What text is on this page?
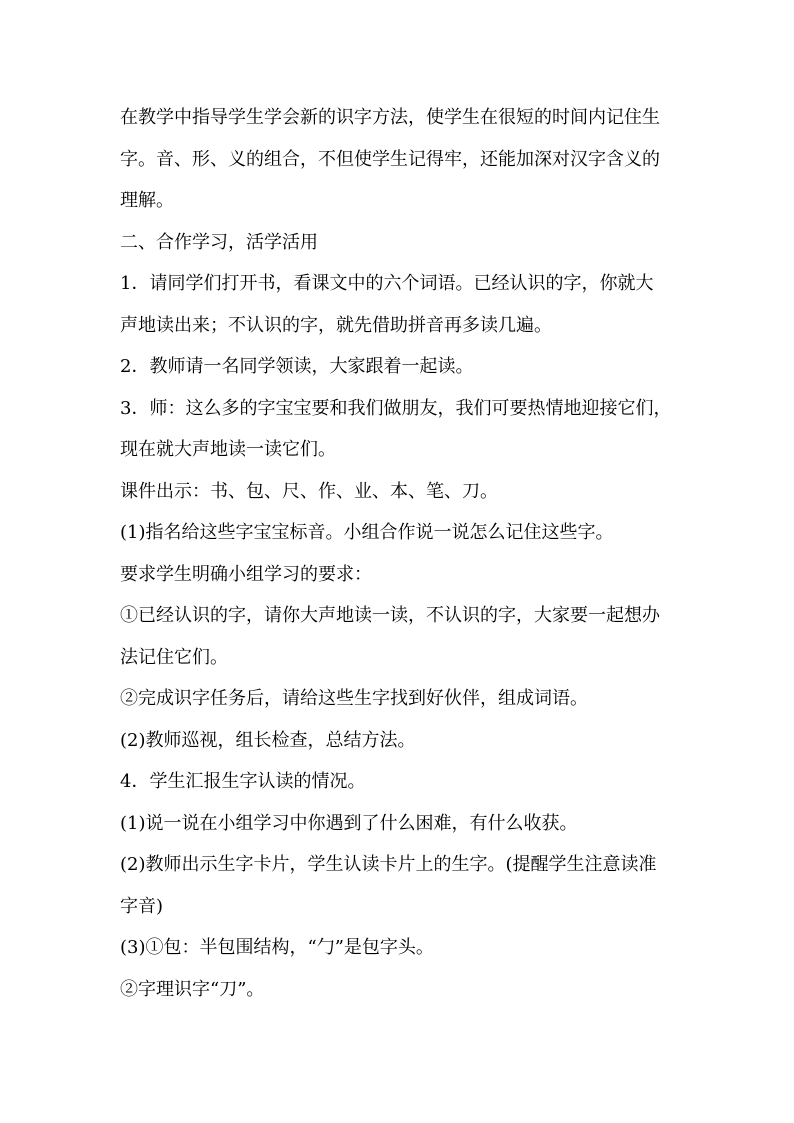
在教学中指导学生学会新的识字方法，使学生在很短的时间内记住生
字。音、形、义的组合，不但使学生记得牢，还能加深对汉字含义的
理解。
二、合作学习，活学活用
1．请同学们打开书，看课文中的六个词语。已经认识的字，你就大
声地读出来；不认识的字，就先借助拼音再多读几遍。
2．教师请一名同学领读，大家跟着一起读。
3．师：这么多的字宝宝要和我们做朋友，我们可要热情地迎接它们，
现在就大声地读一读它们。
课件出示：书、包、尺、作、业、本、笔、刀。
(1)指名给这些字宝宝标音。小组合作说一说怎么记住这些字。
要求学生明确小组学习的要求：
①已经认识的字，请你大声地读一读，不认识的字，大家要一起想办
法记住它们。
②完成识字任务后，请给这些生字找到好伙伴，组成词语。
(2)教师巡视，组长检查，总结方法。
4．学生汇报生字认读的情况。
(1)说一说在小组学习中你遇到了什么困难，有什么收获。
(2)教师出示生字卡片，学生认读卡片上的生字。(提醒学生注意读准
字音)
(3)①包：半包围结构，“勹”是包字头。
②字理识字“刀”。
